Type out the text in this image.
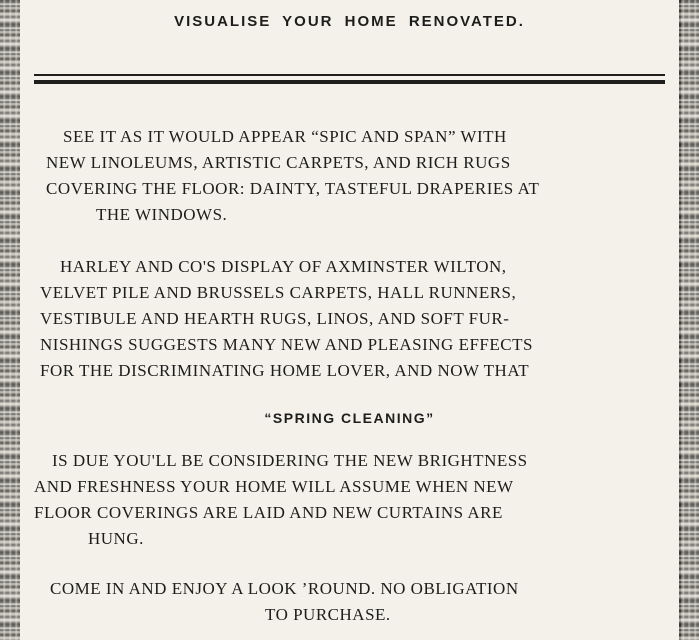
VISUALISE YOUR HOME RENOVATED.

SEE IT AS IT WOULD APPEAR “SPIC AND SPAN” WITH
NEW LINOLEUMS, ARTISTIC CARPETS, AND RICH RUGS
COVERING THE FLOOR: DAINTY, TASTEFUL DRAPERIES AT
THE WINDOWS.

HARLEY AND CO'S DISPLAY OF AXMINSTER WILTON,
VELVET PILE AND BRUSSELS CARPETS, HALL RUNNERS,
VESTIBULE AND HEARTH RUGS, LINOS, AND SOFT FUR-
NISHINGS SUGGESTS MANY NEW AND PLEASING EFFECTS
FOR THE DISCRIMINATING HOME LOVER, AND NOW THAT

“SPRING CLEANING”

IS DUE YOU'LL BE CONSIDERING THE NEW BRIGHTNESS
AND FRESHNESS YOUR HOME WILL ASSUME WHEN NEW
FLOOR COVERINGS ARE LAID AND NEW CURTAINS ARE
HUNG.

COME IN AND ENJOY A LOOK ’ROUND. NO OBLIGATION
TO PURCHASE.
